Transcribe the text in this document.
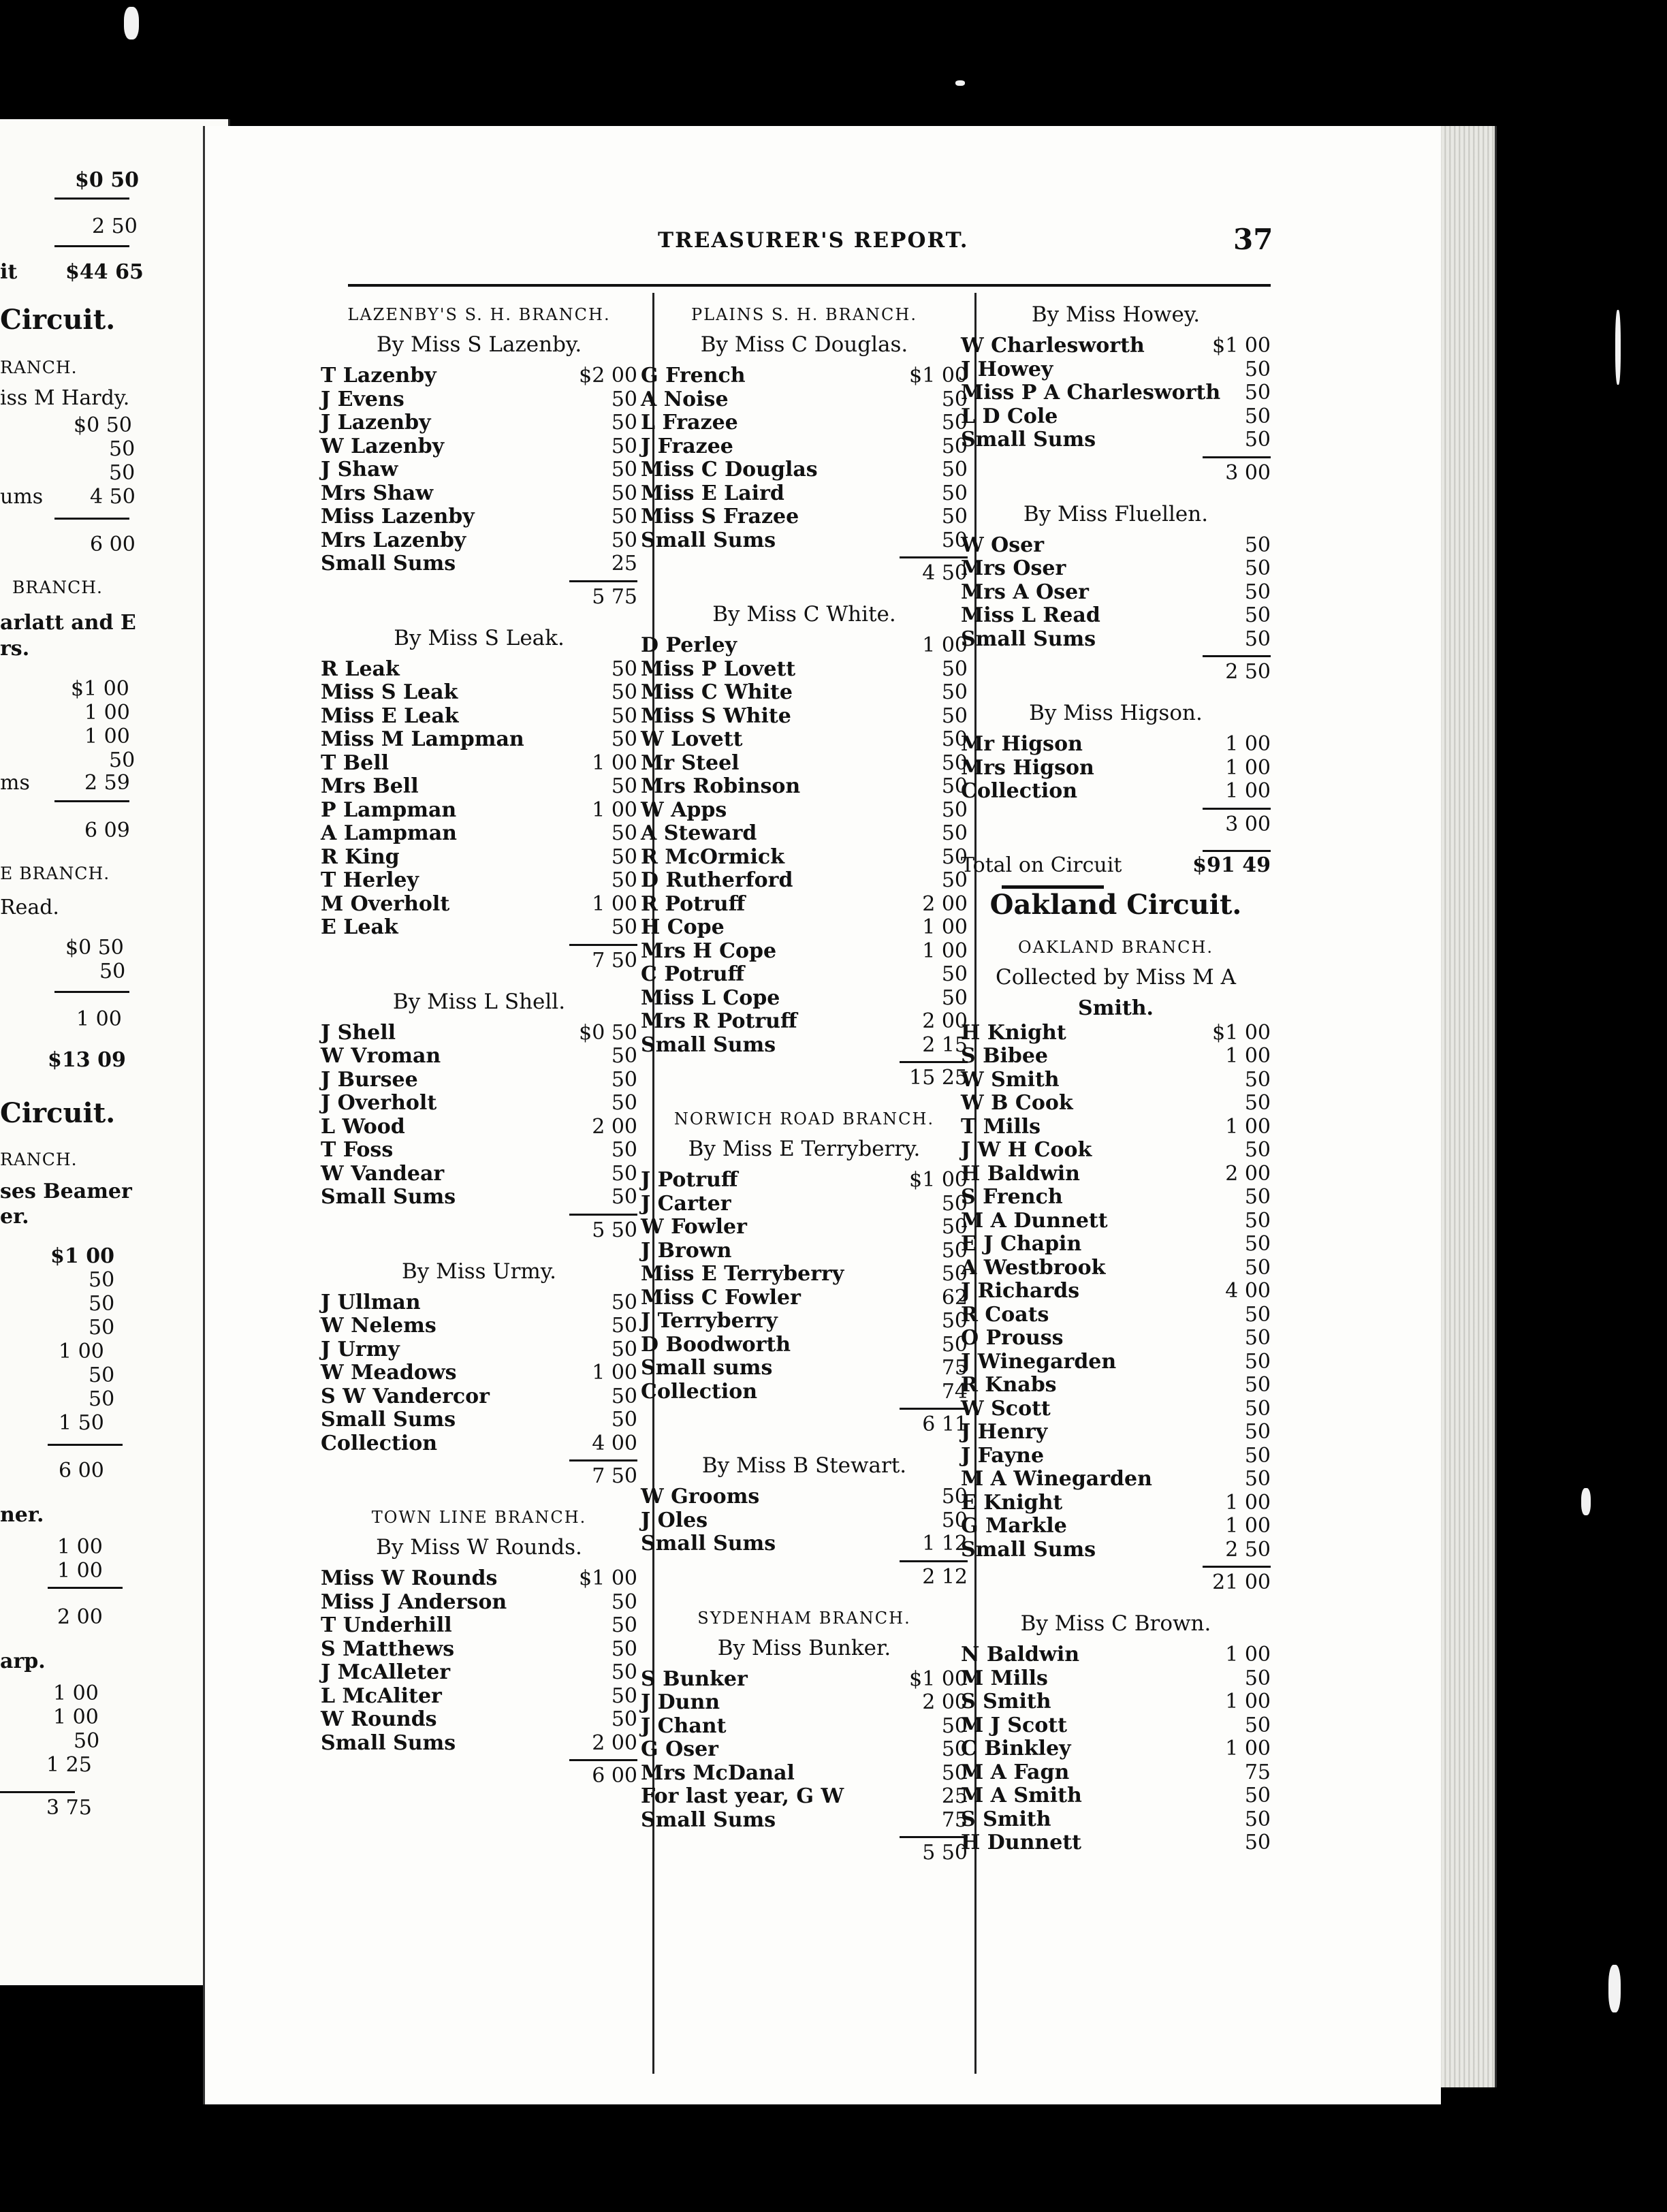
$0 50
2 50
it $44 65
Circuit.
RANCH.
iss M Hardy.
$0 50
50
50
ums 4 50
6 00
BRANCH.
arlatt and E
rs.
$1 00
1 00
1 00
50
ms	2 59
6 09
E BRANCH.
Read.
$0 50
50
1 00
$13 09
Circuit.
RANCH.
ses Beamer
er.
$1 00
50
50
50
1 00
50
50
1 50
6 00
ner.
1 00
1 00
2 00
arp.
1 00
1 00
50
1 25
3 75
TREASURER'S REPORT.	37
LAZENBY'S S. H. BRANCH.
By Miss S Lazenby.
T Lazenby	$2 00
J Evens	50
J Lazenby	50
W Lazenby	50
J Shaw	50
Mrs Shaw	50
Miss Lazenby	50
Mrs Lazenby	50
Small Sums	25
5 75
By Miss S Leak.
R Leak	50
Miss S Leak	50
Miss E Leak	50
Miss M Lampman	50
T Bell	1 00
Mrs Bell	50
P Lampman	1 00
A Lampman	50
R King	50
T Herley	50
M Overholt	1 00
E Leak	50
7 50
By Miss L Shell.
J Shell	$0 50
W Vroman	50
J Bursee	50
J Overholt	50
L Wood	2 00
T Foss	50
W Vandear	50
Small Sums	50
5 50
By Miss Urmy.
J Ullman	50
W Nelems	50
J Urmy	50
W Meadows	1 00
S W Vandercor	50
Small Sums	50
Collection	4 00
7 50
TOWN LINE BRANCH.
By Miss W Rounds.
Miss W Rounds	$1 00
Miss J Anderson	50
T Underhill	50
S Matthews	50
J McAlleter	50
L McAliter	50
W Rounds	50
Small Sums	2 00
6 00
PLAINS S. H. BRANCH.
By Miss C Douglas.
G French	$1 00
A Noise	50
L Frazee	50
J Frazee	50
Miss C Douglas	50
Miss E Laird	50
Miss S Frazee	50
Small Sums	50
4 50
By Miss C White.
D Perley	1 00
Miss P Lovett	50
Miss C White	50
Miss S White	50
W Lovett	50
Mr Steel	50
Mrs Robinson	50
W Apps	50
A Steward	50
R McOrmick	50
D Rutherford	50
R Potruff	2 00
H Cope	1 00
Mrs H Cope	1 00
C Potruff	50
Miss L Cope	50
Mrs R Potruff	2 00
Small Sums	2 15
15 25
NORWICH ROAD BRANCH.
By Miss E Terryberry.
J Potruff	$1 00
J Carter	50
W Fowler	50
J Brown	50
Miss E Terryberry	50
Miss C Fowler	62
J Terryberry	50
D Boodworth	50
Small sums	75
Collection	74
6 11
By Miss B Stewart.
W Grooms	50
J Oles	50
Small Sums	1 12
2 12
SYDENHAM BRANCH.
By Miss Bunker.
S Bunker	$1 00
J Dunn	2 00
J Chant	50
G Oser	50
Mrs McDanal	50
For last year, G W	25
Small Sums	75
5 50
By Miss Howey.
W Charlesworth	$1 00
J Howey	50
Miss P A Charlesworth 50
L D Cole	50
Small Sums	50
3 00
By Miss Fluellen.
W Oser	50
Mrs Oser	50
Mrs A Oser	50
Miss L Read	50
Small Sums	50
2 50
By Miss Higson.
Mr Higson	1 00
Mrs Higson	1 00
Collection	1 00
3 00
Total on Circuit	$91 49
Oakland Circuit.
OAKLAND BRANCH.
Collected by Miss M A
Smith.
H Knight	$1 00
S Bibee	1 00
W Smith	50
W B Cook	50
T Mills	1 00
J W H Cook	50
H Baldwin	2 00
S French	50
M A Dunnett	50
E J Chapin	50
A Westbrook	50
J Richards	4 00
R Coats	50
O Prouss	50
J Winegarden	50
R Knabs	50
W Scott	50
J Henry	50
J Fayne	50
M A Winegarden	50
E Knight	1 00
G Markle	1 00
Small Sums	2 50
21 00
By Miss C Brown.
N Baldwin	1 00
M Mills	50
S Smith	1 00
M J Scott	50
C Binkley	1 00
M A Fagn	75
M A Smith	50
S Smith	50
H Dunnett	50
